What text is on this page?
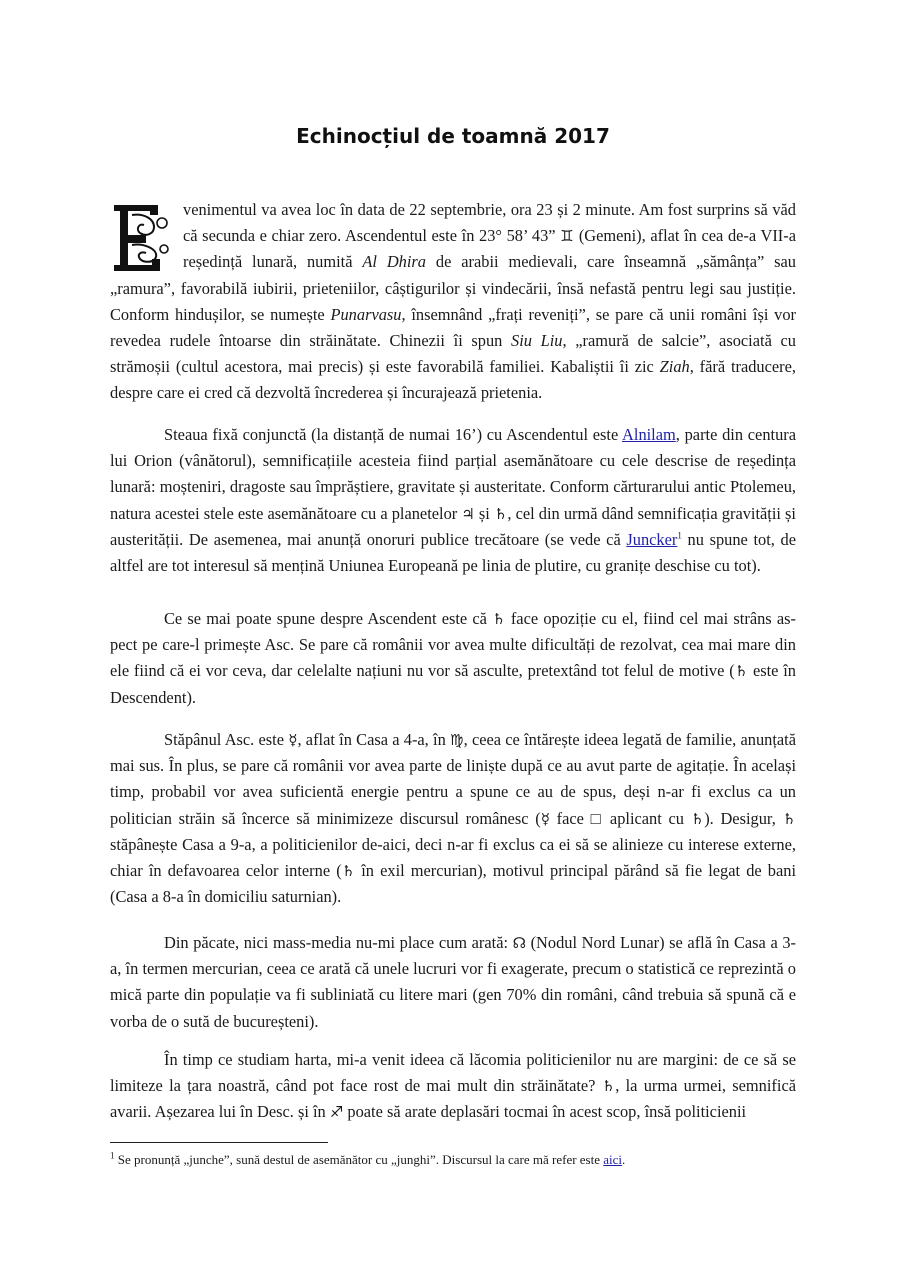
Echinocțiul de toamnă 2017

E	venimentul va avea loc în data de 22 septembrie, ora 23 și 2 minute. Am fost surprins să văd că secunda e chiar zero. Ascendentul este în 23° 58’ 43” ♊ (Gemeni), aflat în cea de-a VII-a reședință lunară, numită Al Dhira de arabii medievali, care înseamnă „sămânța” sau „ramura”, favorabilă iubirii, prieteniilor, câștigurilor și vindecării, însă nefastă pentru legi sau justiție. Conform hindușilor, se numește Punarvasu, însemnând „frați reveniți”, se pare că unii români își vor revedea rudele întoarse din străinătate. Chinezii îi spun Siu Liu, „ramură de salcie”, asociată cu strămoșii (cultul acestora, mai precis) și este favorabilă familiei. Kabaliștii îi zic Ziah, fără traducere, despre care ei cred că dezvoltă încrederea și încurajează prietenia.

Steaua fixă conjunctă (la distanță de numai 16’) cu Ascendentul este Alnilam, parte din centura lui Orion (vânătorul), semnificațiile acesteia fiind parțial asemănătoare cu cele descrise de reședința lunară: moșteniri, dragoste sau împrăștiere, gravitate și austeritate. Conform cărturarului antic Ptolemeu, natura acestei stele este asemănătoare cu a planetelor ♃ și ♄, cel din urmă dând semnificația gravității și austerității. De asemenea, mai anunță onoruri publice trecătoare (se vede că Juncker$^1$ nu spune tot, de altfel are tot interesul să mențină Uniunea Europeană pe linia de plutire, cu granițe deschise cu tot).

Ce se mai poate spune despre Ascendent este că ♄ face opoziție cu el, fiind cel mai strâns aspect pe care-l primește Asc. Se pare că românii vor avea multe dificultăți de rezolvat, cea mai mare din ele fiind că ei vor ceva, dar celelalte națiuni nu vor să asculte, pretextând tot felul de motive (♄ este în Descendent).

Stăpânul Asc. este ☿, aflat în Casa a 4-a, în ♍, ceea ce întărește ideea legată de familie, anunțată mai sus. În plus, se pare că românii vor avea parte de liniște după ce au avut parte de agitație. În același timp, probabil vor avea suficientă energie pentru a spune ce au de spus, deși n-ar fi exclus ca un politician străin să încerce să minimizeze discursul românesc (☿ face □ aplicant cu ♄). Desigur, ♄ stăpânește Casa a 9-a, a politicienilor de-aici, deci n-ar fi exclus ca ei să se alinieze cu interese externe, chiar în defavoarea celor interne (♄ în exil mercurian), motivul principal părând să fie legat de bani (Casa a 8-a în domiciliu saturnian).

Din păcate, nici mass-media nu-mi place cum arată: ☊ (Nodul Nord Lunar) se află în Casa a 3-a, în termen mercurian, ceea ce arată că unele lucruri vor fi exagerate, precum o statistică ce reprezintă o mică parte din populație va fi subliniată cu litere mari (gen 70% din români, când trebuia să spună că e vorba de o sută de bucureșteni).

În timp ce studiam harta, mi-a venit ideea că lăcomia politicienilor nu are margini: de ce să se limiteze la țara noastră, când pot face rost de mai mult din străinătate? ♄, la urma urmei, semnifică avarii. Așezarea lui în Desc. și în ♐ poate să arate deplasări tocmai în acest scop, însă politicienii

$^1$ Se pronunță „junche”, sună destul de asemănător cu „junghi”. Discursul la care mă refer este aici.
